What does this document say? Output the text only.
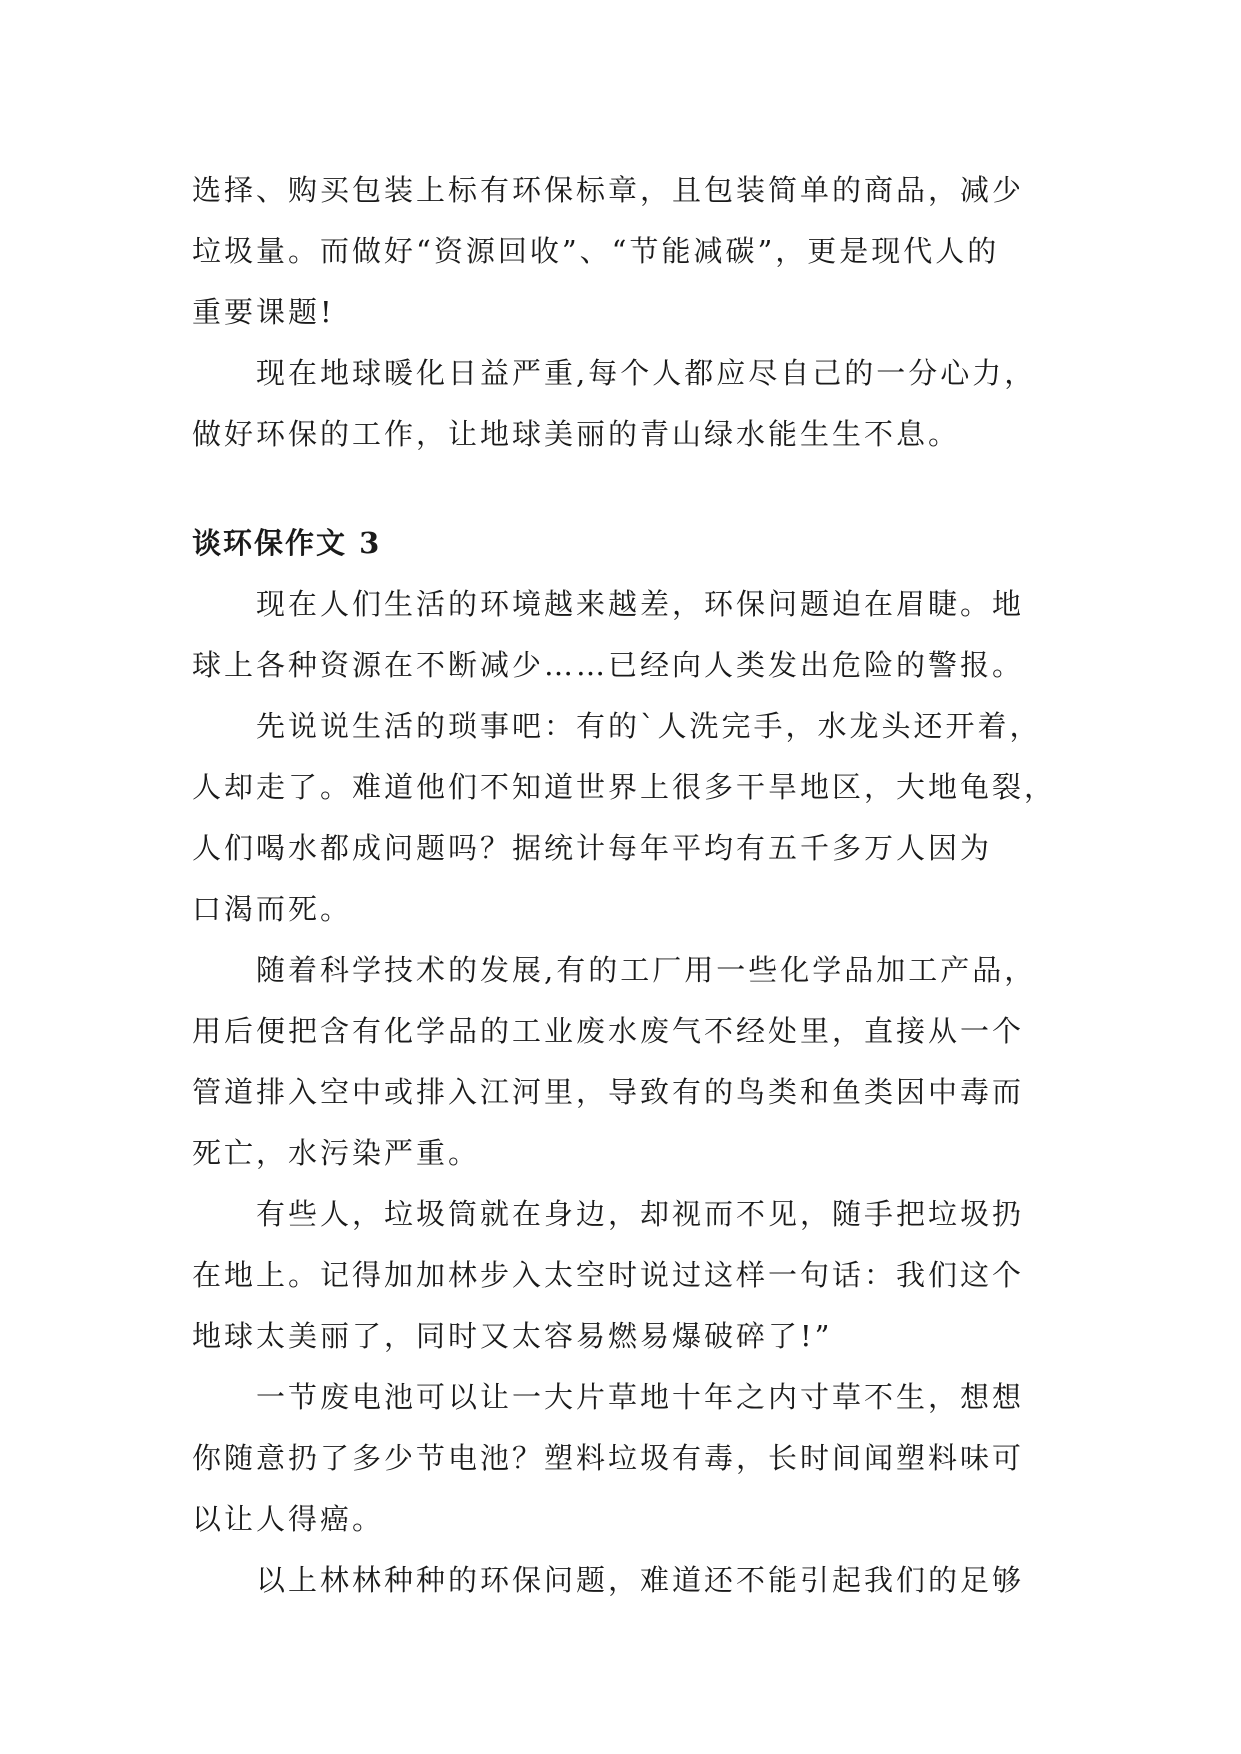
选择、购买包装上标有环保标章，且包装简单的商品，减少
垃圾量。而做好“资源回收”、“节能减碳”，更是现代人的
重要课题!

现在地球暖化日益严重,每个人都应尽自己的一分心力，
做好环保的工作，让地球美丽的青山绿水能生生不息。

谈环保作文 3

现在人们生活的环境越来越差，环保问题迫在眉睫。地
球上各种资源在不断减少……已经向人类发出危险的警报。

先说说生活的琐事吧：有的`人洗完手，水龙头还开着，
人却走了。难道他们不知道世界上很多干旱地区，大地龟裂，
人们喝水都成问题吗？据统计每年平均有五千多万人因为
口渴而死。

随着科学技术的发展,有的工厂用一些化学品加工产品，
用后便把含有化学品的工业废水废气不经处里，直接从一个
管道排入空中或排入江河里，导致有的鸟类和鱼类因中毒而
死亡，水污染严重。

有些人，垃圾筒就在身边，却视而不见，随手把垃圾扔
在地上。记得加加林步入太空时说过这样一句话：我们这个
地球太美丽了，同时又太容易燃易爆破碎了!”

一节废电池可以让一大片草地十年之内寸草不生，想想
你随意扔了多少节电池？塑料垃圾有毒，长时间闻塑料味可
以让人得癌。

以上林林种种的环保问题，难道还不能引起我们的足够
